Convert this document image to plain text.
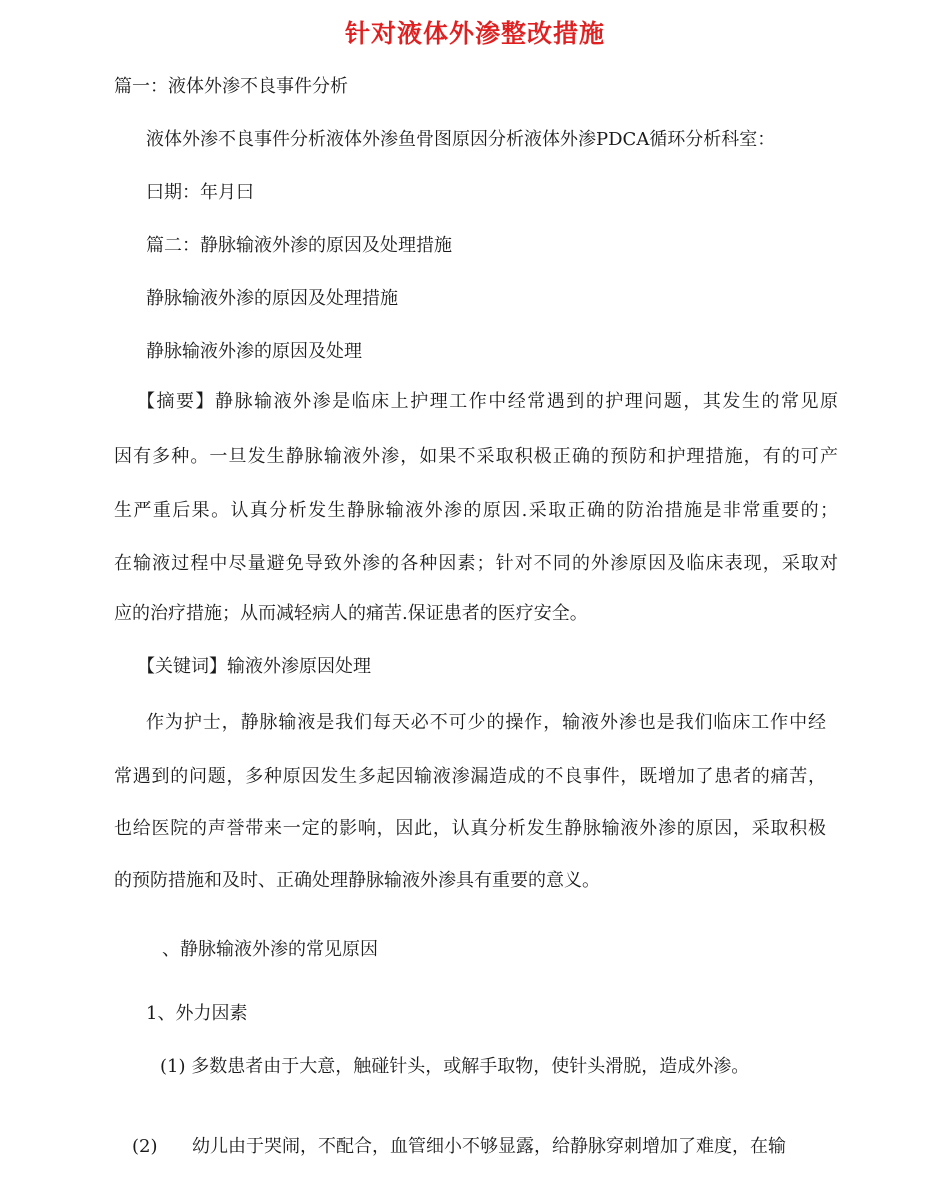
针对液体外渗整改措施
篇一：液体外渗不良事件分析
液体外渗不良事件分析液体外渗鱼骨图原因分析液体外渗PDCA循环分析科室：
曰期：年月曰
篇二：静脉输液外渗的原因及处理措施
静脉输液外渗的原因及处理措施
静脉输液外渗的原因及处理
【摘要】静脉输液外渗是临床上护理工作中经常遇到的护理问题，其发生的常见原
因有多种。一旦发生静脉输液外渗，如果不采取积极正确的预防和护理措施，有的可产
生严重后果。认真分析发生静脉输液外渗的原因.采取正确的防治措施是非常重要的；
在输液过程中尽量避免导致外渗的各种因素；针对不同的外渗原因及临床表现，采取对
应的治疗措施；从而减轻病人的痛苦.保证患者的医疗安全。
【关键词】输液外渗原因处理
作为护士，静脉输液是我们每天必不可少的操作，输液外渗也是我们临床工作中经
常遇到的问题，多种原因发生多起因输液渗漏造成的不良事件，既增加了患者的痛苦，
也给医院的声誉带来一定的影响，因此，认真分析发生静脉输液外渗的原因，采取积极
的预防措施和及时、正确处理静脉输液外渗具有重要的意义。
、静脉输液外渗的常见原因
1、外力因素
(1) 多数患者由于大意，触碰针头，或解手取物，使针头滑脱，造成外渗。
(2) 幼儿由于哭闹，不配合，血管细小不够显露，给静脉穿刺增加了难度，在输
